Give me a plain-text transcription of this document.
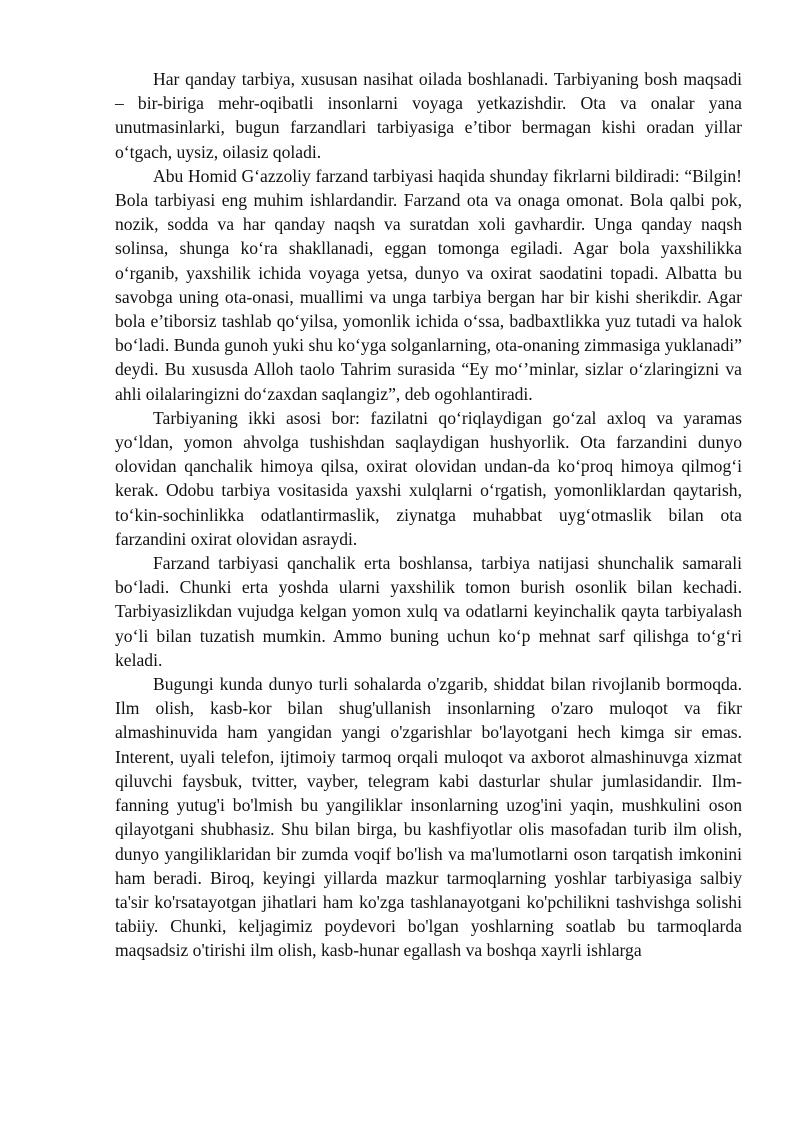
Har qanday tarbiya, xususan nasihat oilada boshlanadi. Tarbiyaning bosh maqsadi – bir-biriga mehr-oqibatli insonlarni voyaga yetkazishdir. Ota va onalar yana unutmasinlarki, bugun farzandlari tarbiyasiga e’tibor bermagan kishi oradan yillar o‘tgach, uysiz, oilasiz qoladi.

Abu Homid G‘azzoliy farzand tarbiyasi haqida shunday fikrlarni bildiradi: “Bilgin! Bola tarbiyasi eng muhim ishlardandir. Farzand ota va onaga omonat. Bola qalbi pok, nozik, sodda va har qanday naqsh va suratdan xoli gavhardir. Unga qanday naqsh solinsa, shunga ko‘ra shakllanadi, eggan tomonga egiladi. Agar bola yaxshilikka o‘rganib, yaxshilik ichida voyaga yetsa, dunyo va oxirat saodatini topadi. Albatta bu savobga uning ota-onasi, muallimi va unga tarbiya bergan har bir kishi sherikdir. Agar bola e’tiborsiz tashlab qo‘yilsa, yomonlik ichida o‘ssa, badbaxtlikka yuz tutadi va halok bo‘ladi. Bunda gunoh yuki shu ko‘yga solganlarning, ota-onaning zimmasiga yuklanadi” deydi. Bu xususda Alloh taolo Tahrim surasida “Ey mo‘’minlar, sizlar o‘zlaringizni va ahli oilalaringizni do‘zaxdan saqlangiz”, deb ogohlantiradi.

Tarbiyaning ikki asosi bor: fazilatni qo‘riqlaydigan go‘zal axloq va yaramas yo‘ldan, yomon ahvolga tushishdan saqlaydigan hushyorlik. Ota farzandini dunyo olovidan qanchalik himoya qilsa, oxirat olovidan undan-da ko‘proq himoya qilmog‘i kerak. Odobu tarbiya vositasida yaxshi xulqlarni o‘rgatish, yomonliklardan qaytarish, to‘kin-sochinlikka odatlantirmaslik, ziynatga muhabbat uyg‘otmaslik bilan ota farzandini oxirat olovidan asraydi.

Farzand tarbiyasi qanchalik erta boshlansa, tarbiya natijasi shunchalik samarali bo‘ladi. Chunki erta yoshda ularni yaxshilik tomon burish osonlik bilan kechadi. Tarbiyasizlikdan vujudga kelgan yomon xulq va odatlarni keyinchalik qayta tarbiyalash yo‘li bilan tuzatish mumkin. Ammo buning uchun ko‘p mehnat sarf qilishga to‘g‘ri keladi.

Bugungi kunda dunyo turli sohalarda o'zgarib, shiddat bilan rivojlanib bormoqda. Ilm olish, kasb-kor bilan shug'ullanish insonlarning o'zaro muloqot va fikr almashinuvida ham yangidan yangi o'zgarishlar bo'layotgani hech kimga sir emas. Interent, uyali telefon, ijtimoiy tarmoq orqali muloqot va axborot almashinuvga xizmat qiluvchi faysbuk, tvitter, vayber, telegram kabi dasturlar shular jumlasidandir. Ilm-fanning yutug'i bo'lmish bu yangiliklar insonlarning uzog'ini yaqin, mushkulini oson qilayotgani shubhasiz. Shu bilan birga, bu kashfiyotlar olis masofadan turib ilm olish, dunyo yangiliklaridan bir zumda voqif bo'lish va ma'lumotlarni oson tarqatish imkonini ham beradi. Biroq, keyingi yillarda mazkur tarmoqlarning yoshlar tarbiyasiga salbiy ta'sir ko'rsatayotgan jihatlari ham ko'zga tashlanayotgani ko'pchilikni tashvishga solishi tabiiy. Chunki, keljagimiz poydevori bo'lgan yoshlarning soatlab bu tarmoqlarda maqsadsiz o'tirishi ilm olish, kasb-hunar egallash va boshqa xayrli ishlarga
